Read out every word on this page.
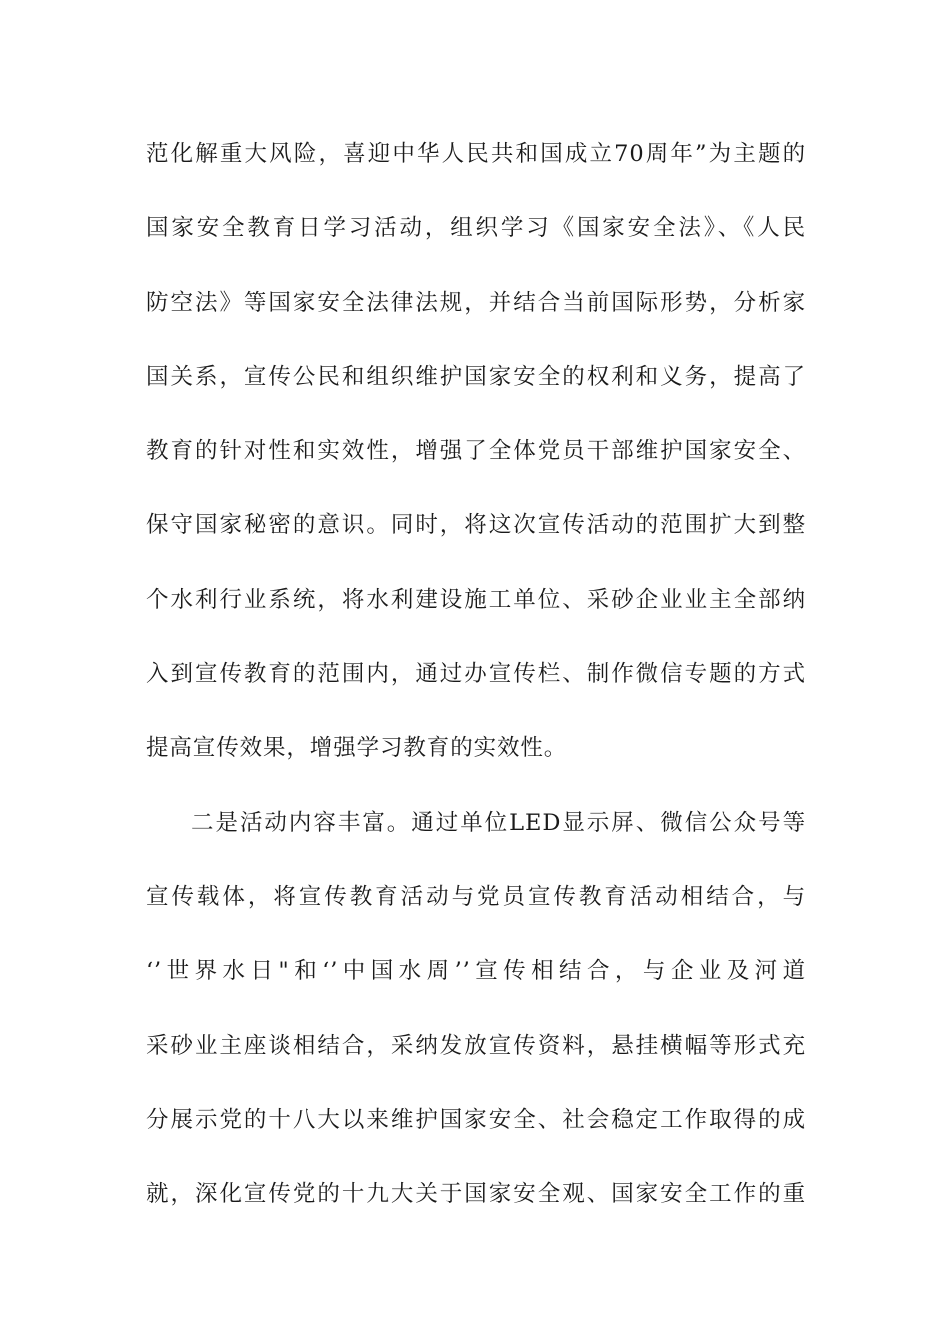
范化解重大风险，喜迎中华人民共和国成立70周年”为主题的
国家安全教育日学习活动，组织学习《国家安全法》、《人民
防空法》等国家安全法律法规，并结合当前国际形势，分析家
国关系，宣传公民和组织维护国家安全的权利和义务，提高了
教育的针对性和实效性，增强了全体党员干部维护国家安全、
保守国家秘密的意识。同时，将这次宣传活动的范围扩大到整
个水利行业系统，将水利建设施工单位、采砂企业业主全部纳
入到宣传教育的范围内，通过办宣传栏、制作微信专题的方式
提高宣传效果，增强学习教育的实效性。
二是活动内容丰富。通过单位LED显示屏、微信公众号等
宣传载体，将宣传教育活动与党员宣传教育活动相结合，与
‘’世界水日"和‘’中国水周’’宣传相结合，与企业及河道
采砂业主座谈相结合，采纳发放宣传资料，悬挂横幅等形式充
分展示党的十八大以来维护国家安全、社会稳定工作取得的成
就，深化宣传党的十九大关于国家安全观、国家安全工作的重
